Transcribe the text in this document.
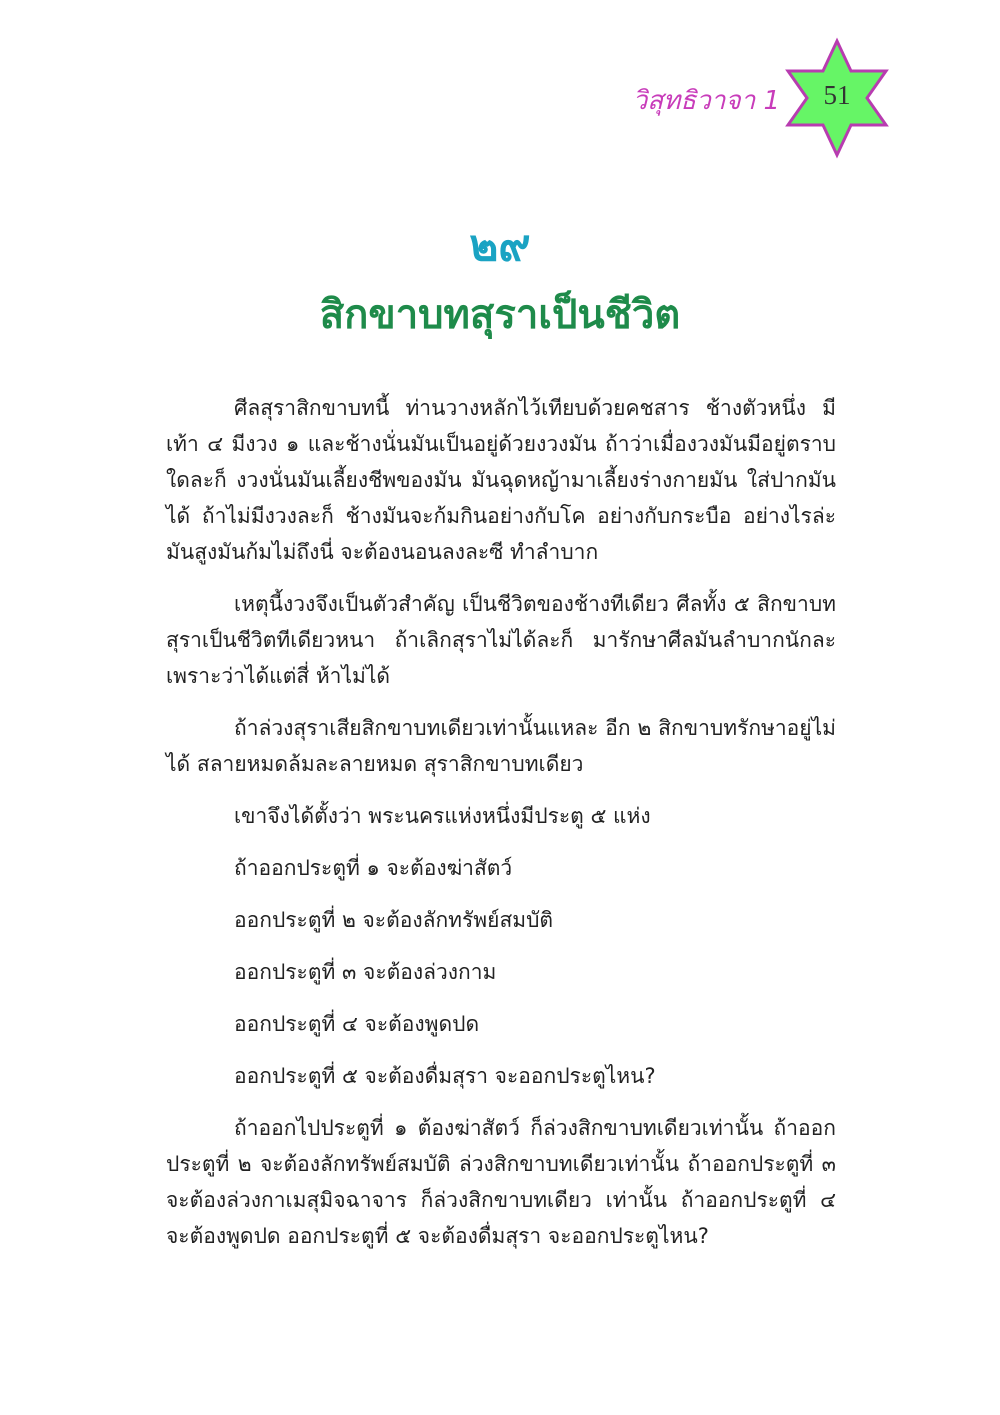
วิสุทธิวาจา 1	51
๒๙
สิกขาบทสุราเป็นชีวิต

ศีลสุราสิกขาบทนี้ ท่านวางหลักไว้เทียบด้วยคชสาร ช้างตัวหนึ่ง มีเท้า ๔ มีงวง ๑ และช้างนั่นมันเป็นอยู่ด้วยงวงมัน ถ้าว่าเมื่องวงมันมีอยู่ตราบใดละก็ งวงนั่นมันเลี้ยงชีพของมัน มันฉุดหญ้ามาเลี้ยงร่างกายมัน ใส่ปากมันได้ ถ้าไม่มีงวงละก็ ช้างมันจะก้มกินอย่างกับโค อย่างกับกระบือ อย่างไรล่ะ มันสูงมันก้มไม่ถึงนี่ จะต้องนอนลงละซี ทำลำบาก

เหตุนี้งวงจึงเป็นตัวสำคัญ เป็นชีวิตของช้างทีเดียว ศีลทั้ง ๕ สิกขาบท สุราเป็นชีวิตทีเดียวหนา ถ้าเลิกสุราไม่ได้ละก็ มารักษาศีลมันลำบากนักละ เพราะว่าได้แต่สี่ ห้าไม่ได้

ถ้าล่วงสุราเสียสิกขาบทเดียวเท่านั้นแหละ อีก ๒ สิกขาบทรักษาอยู่ไม่ได้ สลายหมดล้มละลายหมด สุราสิกขาบทเดียว

เขาจึงได้ตั้งว่า พระนครแห่งหนึ่งมีประตู ๕ แห่ง

ถ้าออกประตูที่ ๑ จะต้องฆ่าสัตว์

ออกประตูที่ ๒ จะต้องลักทรัพย์สมบัติ

ออกประตูที่ ๓ จะต้องล่วงกาม

ออกประตูที่ ๔ จะต้องพูดปด

ออกประตูที่ ๕ จะต้องดื่มสุรา จะออกประตูไหน?

ถ้าออกไปประตูที่ ๑ ต้องฆ่าสัตว์ ก็ล่วงสิกขาบทเดียวเท่านั้น ถ้าออกประตูที่ ๒ จะต้องลักทรัพย์สมบัติ ล่วงสิกขาบทเดียวเท่านั้น ถ้าออกประตูที่ ๓ จะต้องล่วงกาเมสุมิจฉาจาร ก็ล่วงสิกขาบทเดียว เท่านั้น ถ้าออกประตูที่ ๔ จะต้องพูดปด ออกประตูที่ ๕ จะต้องดื่มสุรา จะออกประตูไหน?
